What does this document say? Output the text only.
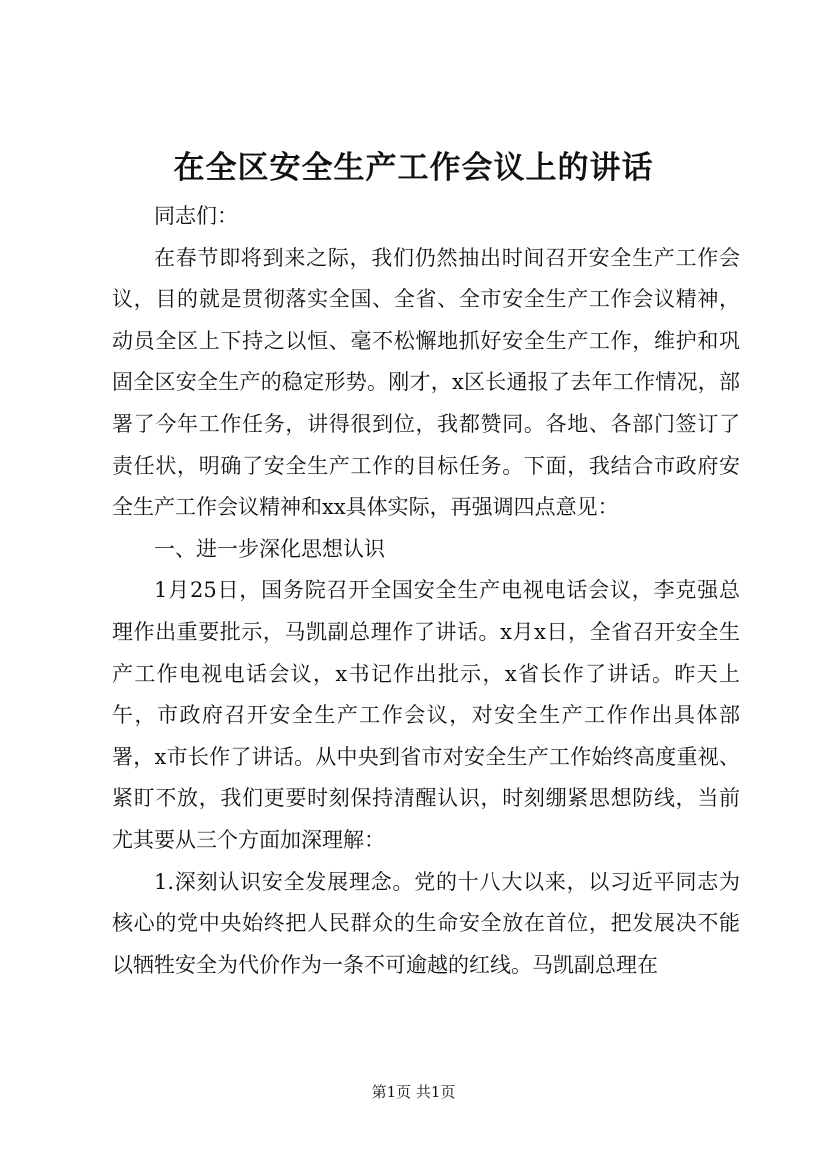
在全区安全生产工作会议上的讲话

同志们：

在春节即将到来之际，我们仍然抽出时间召开安全生产工作会议，目的就是贯彻落实全国、全省、全市安全生产工作会议精神，动员全区上下持之以恒、毫不松懈地抓好安全生产工作，维护和巩固全区安全生产的稳定形势。刚才，x区长通报了去年工作情况，部署了今年工作任务，讲得很到位，我都赞同。各地、各部门签订了责任状，明确了安全生产工作的目标任务。下面，我结合市政府安全生产工作会议精神和xx具体实际，再强调四点意见：

一、进一步深化思想认识

1月25日，国务院召开全国安全生产电视电话会议，李克强总理作出重要批示，马凯副总理作了讲话。x月x日，全省召开安全生产工作电视电话会议，x书记作出批示，x省长作了讲话。昨天上午，市政府召开安全生产工作会议，对安全生产工作作出具体部署，x市长作了讲话。从中央到省市对安全生产工作始终高度重视、紧盯不放，我们更要时刻保持清醒认识，时刻绷紧思想防线，当前尤其要从三个方面加深理解：

1.深刻认识安全发展理念。党的十八大以来，以习近平同志为核心的党中央始终把人民群众的生命安全放在首位，把发展决不能以牺牲安全为代价作为一条不可逾越的红线。马凯副总理在

第1页 共1页
